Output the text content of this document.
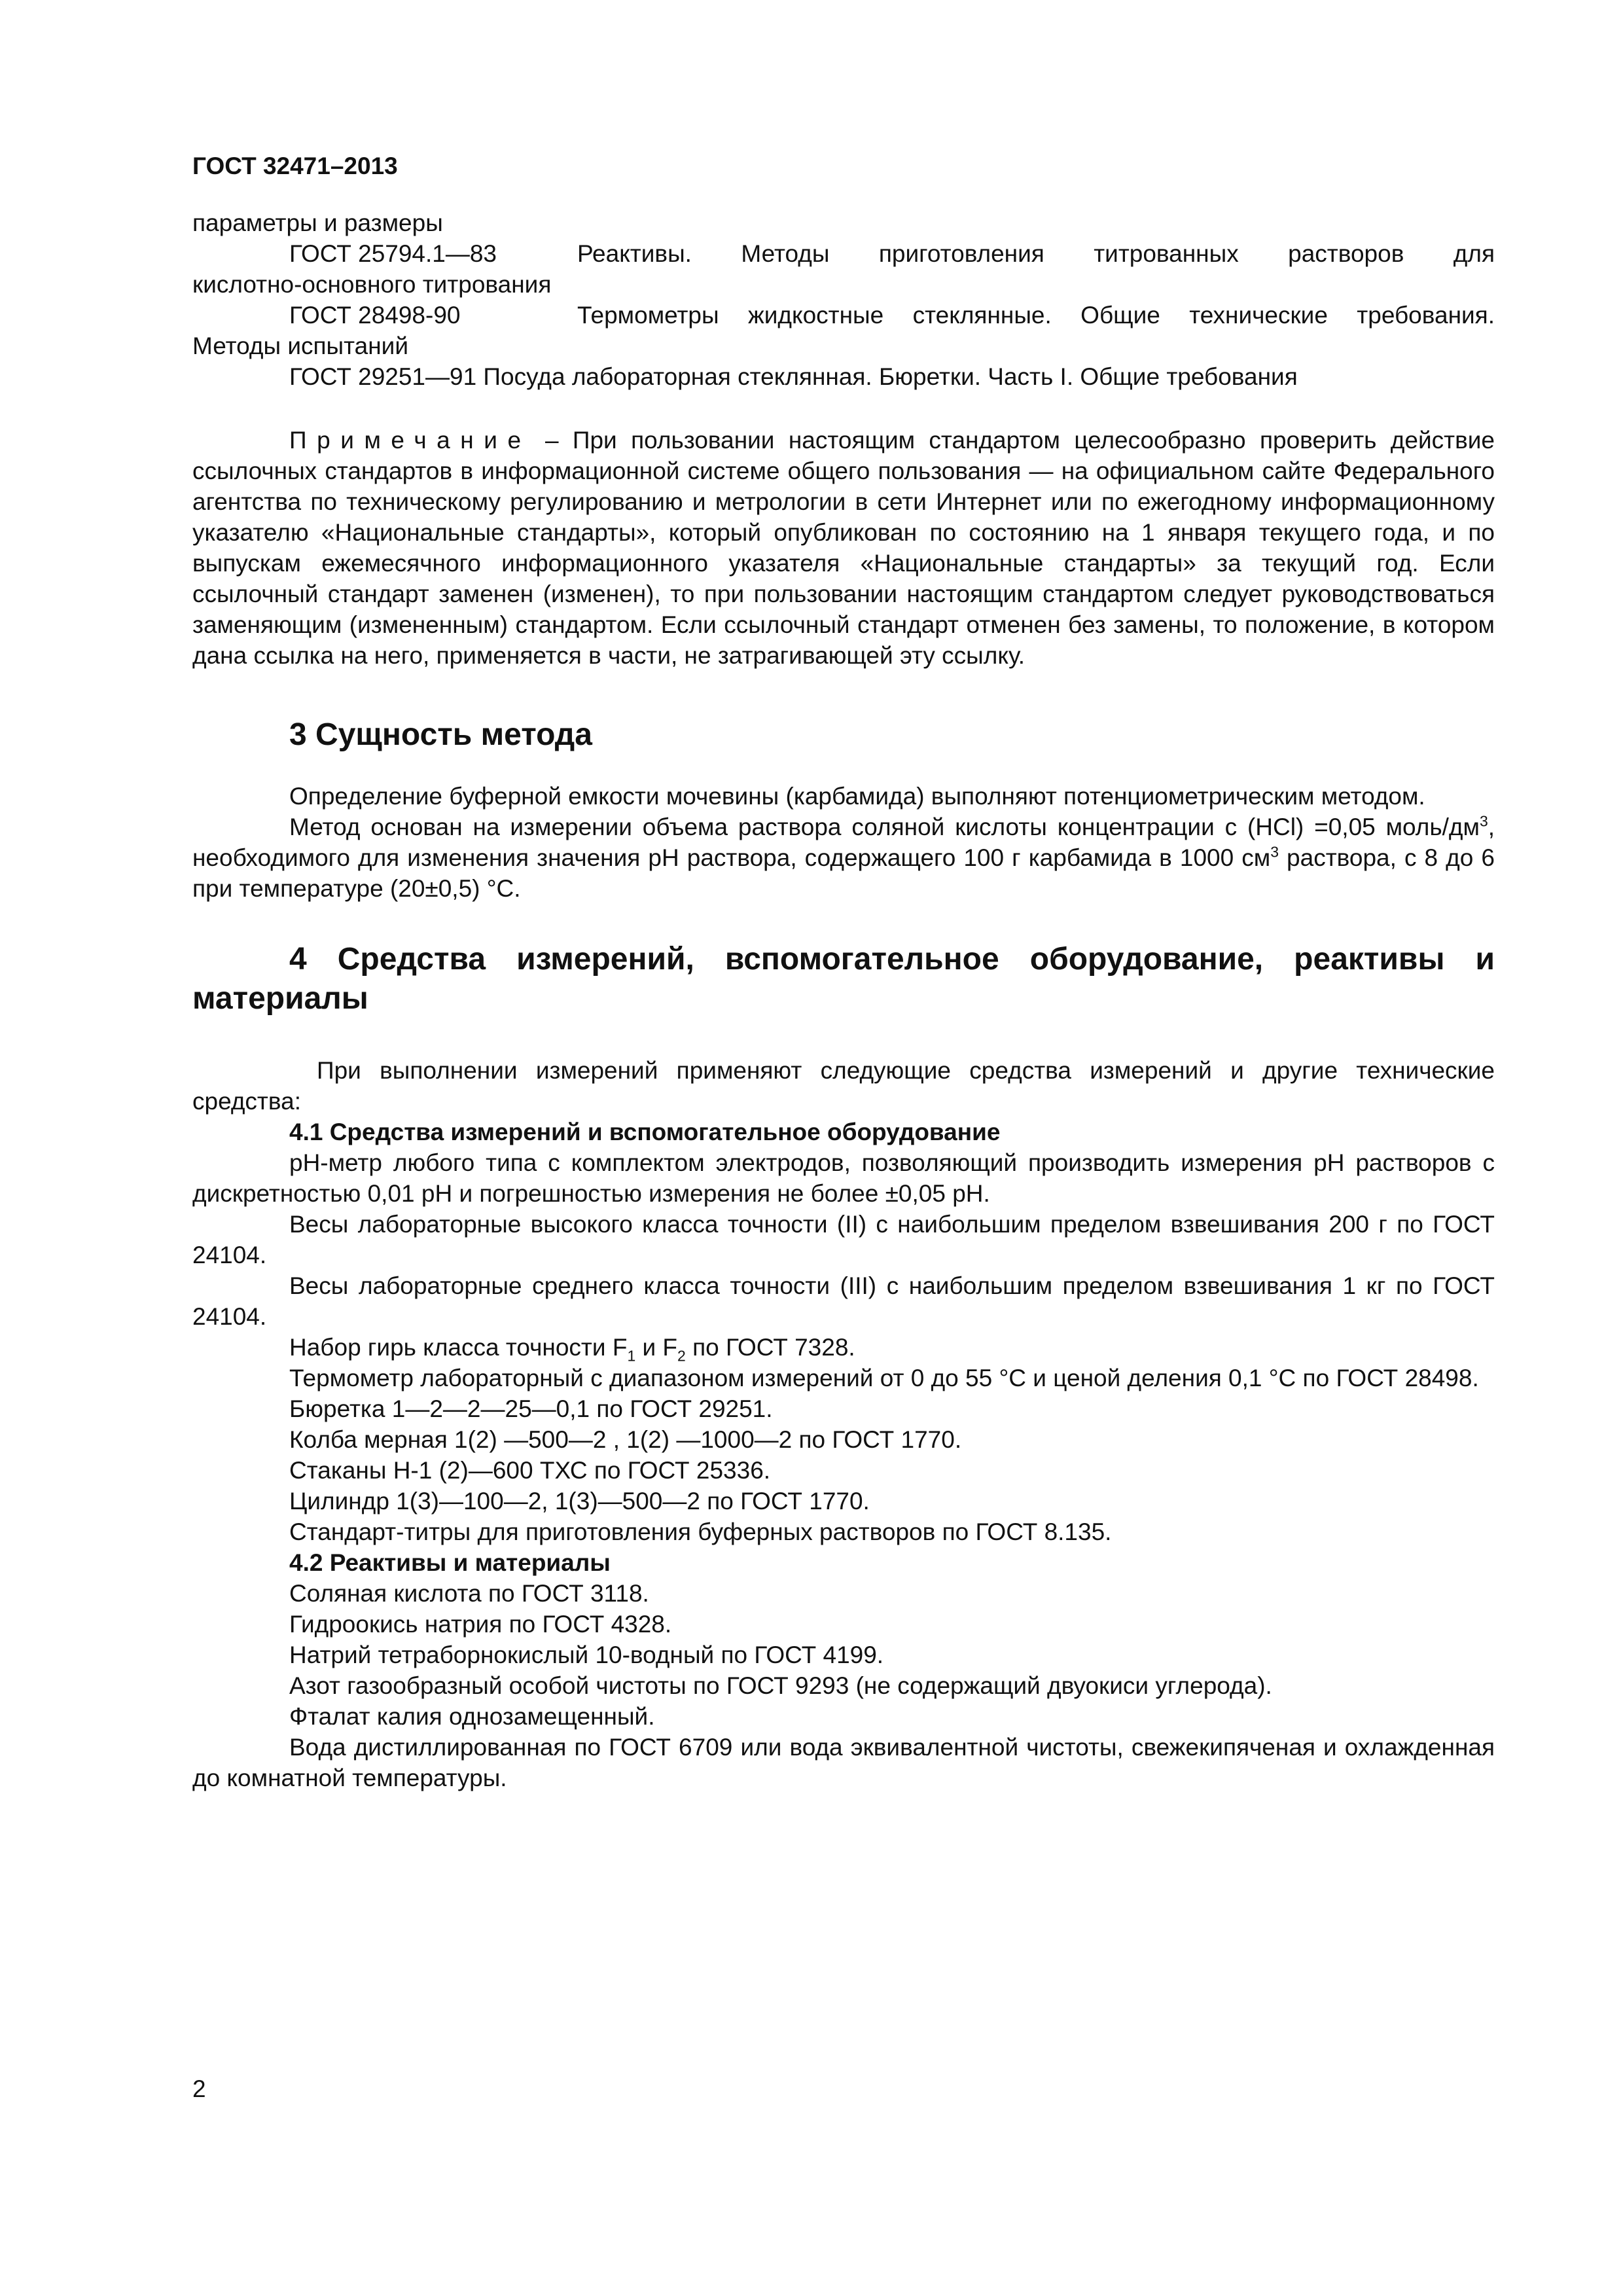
ГОСТ 32471–2013

параметры и размеры

ГОСТ 25794.1—83	Реактивы. Методы приготовления титрованных растворов для

кислотно-основного титрования

ГОСТ 28498-90	Термометры жидкостные стеклянные. Общие технические требования.

Методы испытаний

ГОСТ 29251—91 Посуда лабораторная стеклянная. Бюретки. Часть I. Общие требования

Примечание – При пользовании настоящим стандартом целесообразно проверить действие ссылочных стандартов в информационной системе общего пользования — на официальном сайте Федерального агентства по техническому регулированию и метрологии в сети Интернет или по ежегодному информационному указателю «Национальные стандарты», который опубликован по состоянию на 1 января текущего года, и по выпускам ежемесячного информационного указателя «Национальные стандарты» за текущий год. Если ссылочный стандарт заменен (изменен), то при пользовании настоящим стандартом следует руководствоваться заменяющим (измененным) стандартом. Если ссылочный стандарт отменен без замены, то положение, в котором дана ссылка на него, применяется в части, не затрагивающей эту ссылку.

3 Сущность метода

Определение буферной емкости мочевины (карбамида) выполняют потенциометрическим методом.

Метод основан на измерении объема раствора соляной кислоты концентрации с (HCl) =0,05 моль/$дм^3$, необходимого для изменения значения pH раствора, содержащего 100 г карбамида в 1000 $см^3$ раствора, с 8 до 6 при температуре (20±0,5) °С.

4 Средства измерений, вспомогательное оборудование, реактивы и материалы

При выполнении измерений применяют следующие средства измерений и другие технические средства:

4.1 Средства измерений и вспомогательное оборудование

pH-метр любого типа с комплектом электродов, позволяющий производить измерения pH растворов с дискретностью 0,01 pH и погрешностью измерения не более ±0,05 pH.

Весы лабораторные высокого класса точности (II) с наибольшим пределом взвешивания 200 г по ГОСТ 24104.

Весы лабораторные среднего класса точности (III) с наибольшим пределом взвешивания 1 кг по ГОСТ 24104.

Набор гирь класса точности $F_1$ и $F_2$ по ГОСТ 7328.

Термометр лабораторный с диапазоном измерений от 0 до 55 °С и ценой деления 0,1 °С по ГОСТ 28498.

Бюретка 1—2—2—25—0,1 по ГОСТ 29251.

Колба мерная 1(2) —500—2 , 1(2) —1000—2 по ГОСТ 1770.

Стаканы Н-1 (2)—600 ТХС по ГОСТ 25336.

Цилиндр 1(3)—100—2, 1(3)—500—2 по ГОСТ 1770.

Стандарт-титры для приготовления буферных растворов по ГОСТ 8.135.

4.2 Реактивы и материалы

Соляная кислота по ГОСТ 3118.

Гидроокись натрия по ГОСТ 4328.

Натрий тетраборнокислый 10-водный по ГОСТ 4199.

Азот газообразный особой чистоты по ГОСТ 9293 (не содержащий двуокиси углерода).

Фталат калия однозамещенный.

Вода дистиллированная по ГОСТ 6709 или вода эквивалентной чистоты, свежекипяченая и охлажденная до комнатной температуры.

2
